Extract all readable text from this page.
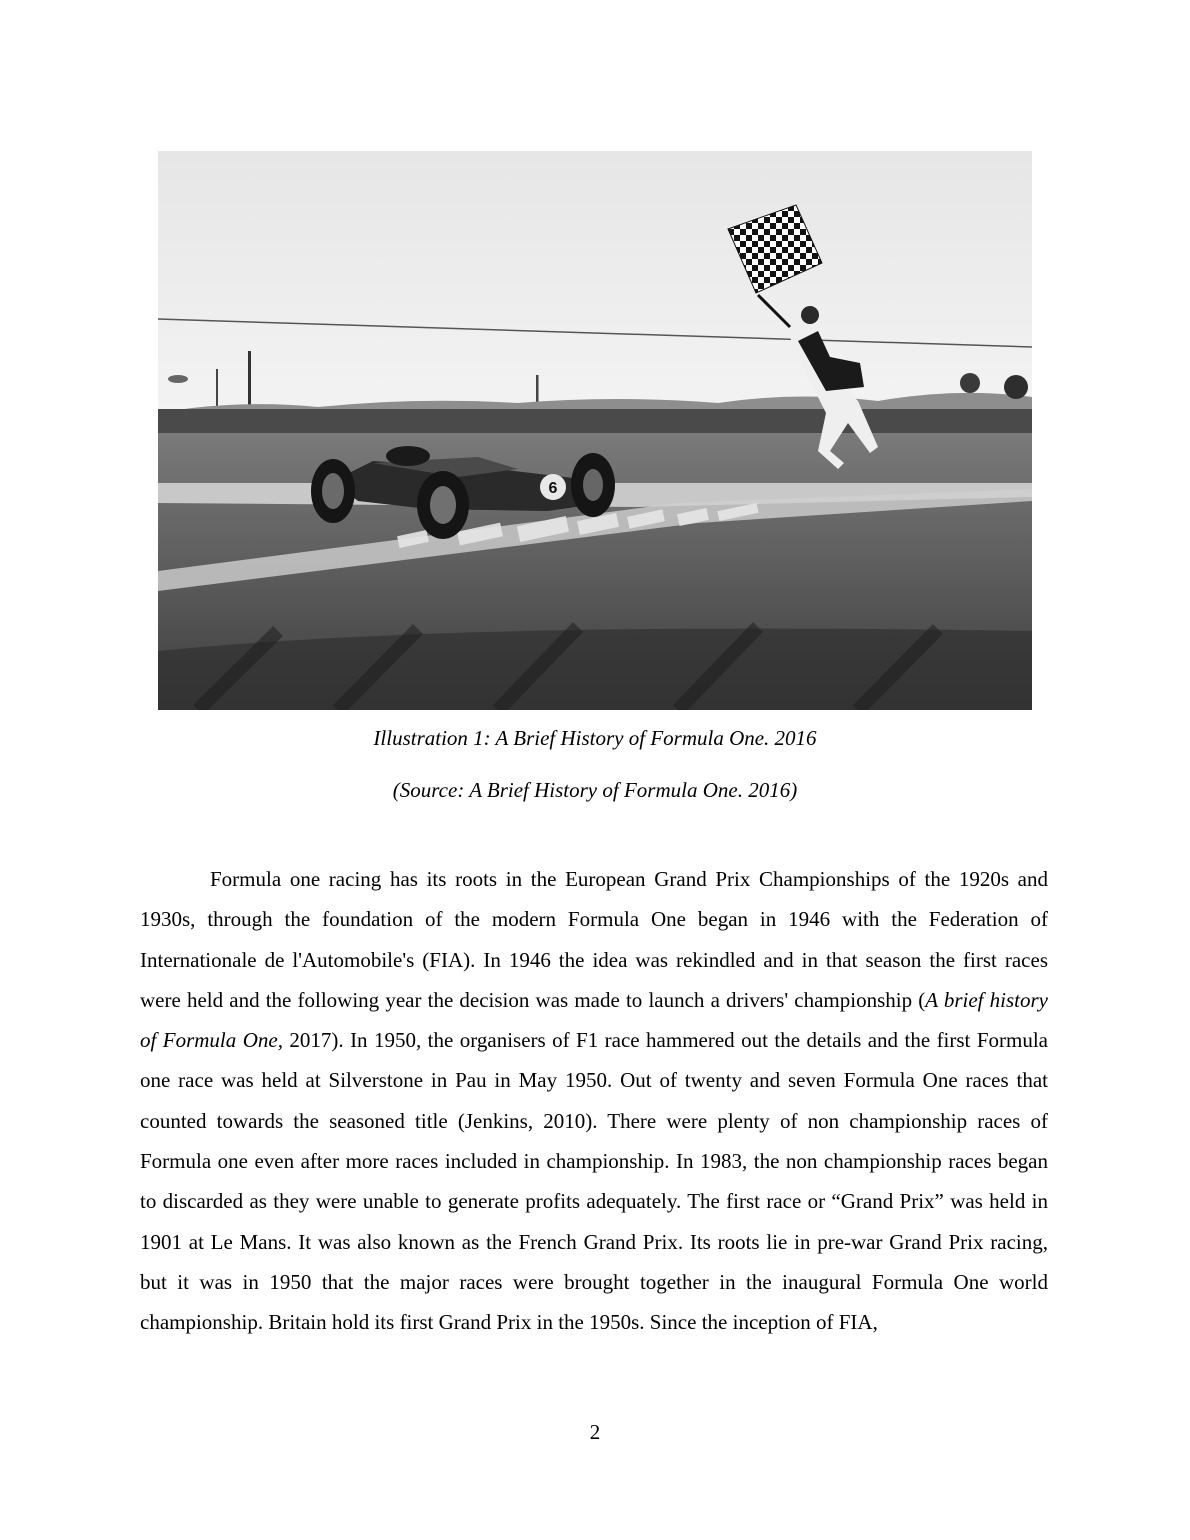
6
Illustration 1: A Brief History of Formula One. 2016
(Source: A Brief History of Formula One. 2016)

Formula one racing has its roots in the European Grand Prix Championships of the 1920s and 1930s, through the foundation of the modern Formula One began in 1946 with the Federation of Internationale de l'Automobile's (FIA). In 1946 the idea was rekindled and in that season the first races were held and the following year the decision was made to launch a drivers' championship (A brief history of Formula One, 2017). In 1950, the organisers of F1 race hammered out the details and the first Formula one race was held at Silverstone in Pau in May 1950. Out of twenty and seven Formula One races that counted towards the seasoned title (Jenkins, 2010). There were plenty of non championship races of Formula one even after more races included in championship. In 1983, the non championship races began to discarded as they were unable to generate profits adequately. The first race or “Grand Prix” was held in 1901 at Le Mans. It was also known as the French Grand Prix. Its roots lie in pre-war Grand Prix racing, but it was in 1950 that the major races were brought together in the inaugural Formula One world championship. Britain hold its first Grand Prix in the 1950s. Since the inception of FIA,

2
